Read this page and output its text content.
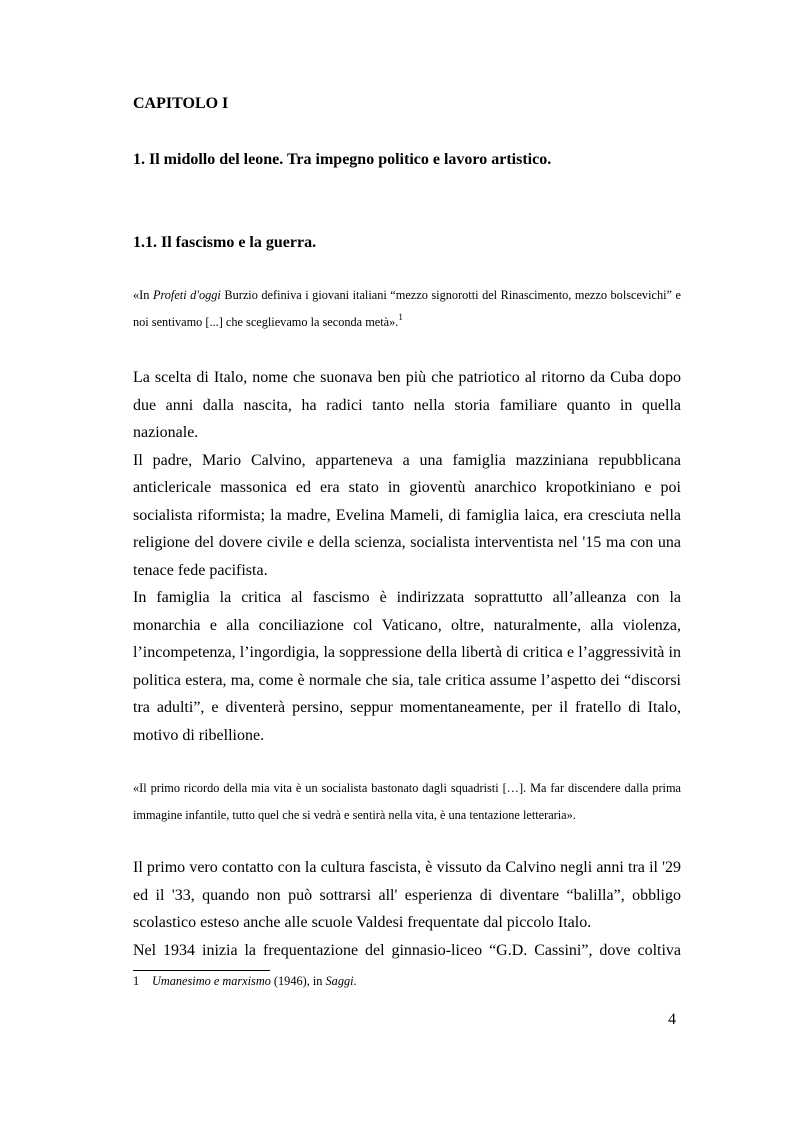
CAPITOLO I
1. Il midollo del leone. Tra impegno politico e lavoro artistico.
1.1. Il fascismo e la guerra.
«In Profeti d'oggi Burzio definiva i giovani italiani “mezzo signorotti del Rinascimento, mezzo bolscevichi” e noi sentivamo [...] che sceglievamo la seconda metà».$^1$

La scelta di Italo, nome che suonava ben più che patriotico al ritorno da Cuba dopo due anni dalla nascita, ha radici tanto nella storia familiare quanto in quella nazionale.

Il padre, Mario Calvino, apparteneva a una famiglia mazziniana repubblicana anticlericale massonica ed era stato in gioventù anarchico kropotkiniano e poi socialista riformista; la madre, Evelina Mameli, di famiglia laica, era cresciuta nella religione del dovere civile e della scienza, socialista interventista nel '15 ma con una tenace fede pacifista.

In famiglia la critica al fascismo è indirizzata soprattutto all’alleanza con la monarchia e alla conciliazione col Vaticano, oltre, naturalmente, alla violenza, l’incompetenza, l’ingordigia, la soppressione della libertà di critica e l’aggressività in politica estera, ma, come è normale che sia, tale critica assume l’aspetto dei “discorsi tra adulti”, e diventerà persino, seppur momentaneamente, per il fratello di Italo, motivo di ribellione.

«Il primo ricordo della mia vita è un socialista bastonato dagli squadristi […]. Ma far discendere dalla prima immagine infantile, tutto quel che si vedrà e sentirà nella vita, è una tentazione letteraria».

Il primo vero contatto con la cultura fascista, è vissuto da Calvino negli anni tra il '29 ed il '33, quando non può sottrarsi all' esperienza di diventare “balilla”, obbligo scolastico esteso anche alle scuole Valdesi frequentate dal piccolo Italo.

Nel 1934 inizia la frequentazione del ginnasio-liceo “G.D. Cassini”, dove coltiva

1 Umanesimo e marxismo (1946), in Saggi.
4
